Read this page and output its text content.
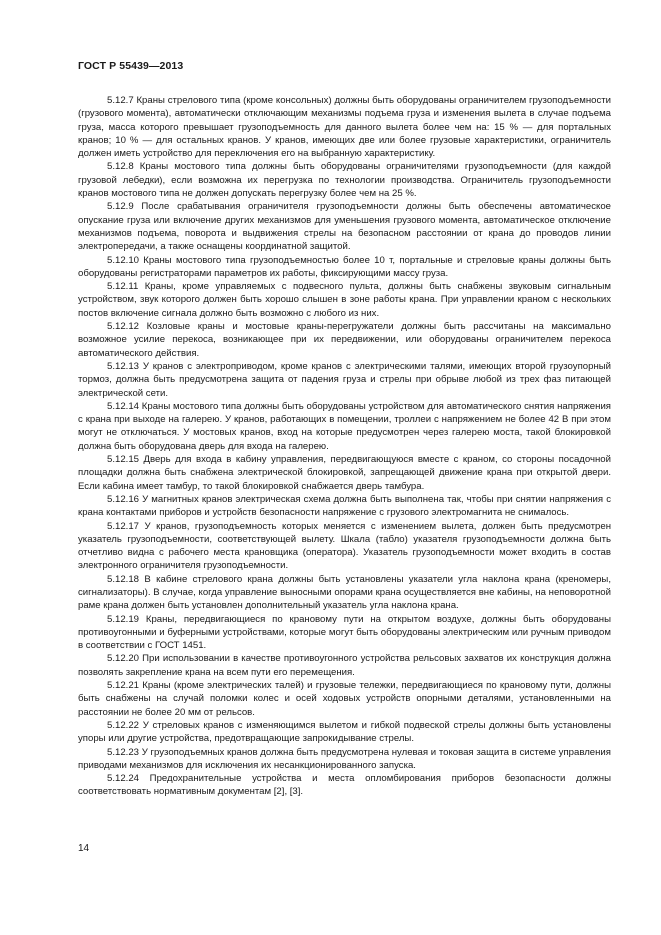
ГОСТ Р 55439—2013

5.12.7 Краны стрелового типа (кроме консольных) должны быть оборудованы ограничителем грузоподъемности (грузового момента), автоматически отключающим механизмы подъема груза и изменения вылета в случае подъема груза, масса которого превышает грузоподъемность для данного вылета более чем на: 15 % — для портальных кранов; 10 % — для остальных кранов. У кранов, имеющих две или более грузовые характеристики, ограничитель должен иметь устройство для переключения его на выбранную характеристику.

5.12.8 Краны мостового типа должны быть оборудованы ограничителями грузоподъемности (для каждой грузовой лебедки), если возможна их перегрузка по технологии производства. Ограничитель грузоподъемности кранов мостового типа не должен допускать перегрузку более чем на 25 %.

5.12.9 После срабатывания ограничителя грузоподъемности должны быть обеспечены автоматическое опускание груза или включение других механизмов для уменьшения грузового момента, автоматическое отключение механизмов подъема, поворота и выдвижения стрелы на безопасном расстоянии от крана до проводов линии электропередачи, а также оснащены координатной защитой.

5.12.10 Краны мостового типа грузоподъемностью более 10 т, портальные и стреловые краны должны быть оборудованы регистраторами параметров их работы, фиксирующими массу груза.

5.12.11 Краны, кроме управляемых с подвесного пульта, должны быть снабжены звуковым сигнальным устройством, звук которого должен быть хорошо слышен в зоне работы крана. При управлении краном с нескольких постов включение сигнала должно быть возможно с любого из них.

5.12.12 Козловые краны и мостовые краны-перегружатели должны быть рассчитаны на максимально возможное усилие перекоса, возникающее при их передвижении, или оборудованы ограничителем перекоса автоматического действия.

5.12.13 У кранов с электроприводом, кроме кранов с электрическими талями, имеющих второй грузоупорный тормоз, должна быть предусмотрена защита от падения груза и стрелы при обрыве любой из трех фаз питающей электрической сети.

5.12.14 Краны мостового типа должны быть оборудованы устройством для автоматического снятия напряжения с крана при выходе на галерею. У кранов, работающих в помещении, троллеи с напряжением не более 42 В при этом могут не отключаться. У мостовых кранов, вход на которые предусмотрен через галерею моста, такой блокировкой должна быть оборудована дверь для входа на галерею.

5.12.15 Дверь для входа в кабину управления, передвигающуюся вместе с краном, со стороны посадочной площадки должна быть снабжена электрической блокировкой, запрещающей движение крана при открытой двери. Если кабина имеет тамбур, то такой блокировкой снабжается дверь тамбура.

5.12.16 У магнитных кранов электрическая схема должна быть выполнена так, чтобы при снятии напряжения с крана контактами приборов и устройств безопасности напряжение с грузового электромагнита не снималось.

5.12.17 У кранов, грузоподъемность которых меняется с изменением вылета, должен быть предусмотрен указатель грузоподъемности, соответствующей вылету. Шкала (табло) указателя грузоподъемности должна быть отчетливо видна с рабочего места крановщика (оператора). Указатель грузоподъемности может входить в состав электронного ограничителя грузоподъемности.

5.12.18 В кабине стрелового крана должны быть установлены указатели угла наклона крана (креномеры, сигнализаторы). В случае, когда управление выносными опорами крана осуществляется вне кабины, на неповоротной раме крана должен быть установлен дополнительный указатель угла наклона крана.

5.12.19 Краны, передвигающиеся по крановому пути на открытом воздухе, должны быть оборудованы противоугонными и буферными устройствами, которые могут быть оборудованы электрическим или ручным приводом в соответствии с ГОСТ 1451.

5.12.20 При использовании в качестве противоугонного устройства рельсовых захватов их конструкция должна позволять закрепление крана на всем пути его перемещения.

5.12.21 Краны (кроме электрических талей) и грузовые тележки, передвигающиеся по крановому пути, должны быть снабжены на случай поломки колес и осей ходовых устройств опорными деталями, установленными на расстоянии не более 20 мм от рельсов.

5.12.22 У стреловых кранов с изменяющимся вылетом и гибкой подвеской стрелы должны быть установлены упоры или другие устройства, предотвращающие запрокидывание стрелы.

5.12.23 У грузоподъемных кранов должна быть предусмотрена нулевая и токовая защита в системе управления приводами механизмов для исключения их несанкционированного запуска.

5.12.24 Предохранительные устройства и места опломбирования приборов безопасности должны соответствовать нормативным документам [2], [3].

14
